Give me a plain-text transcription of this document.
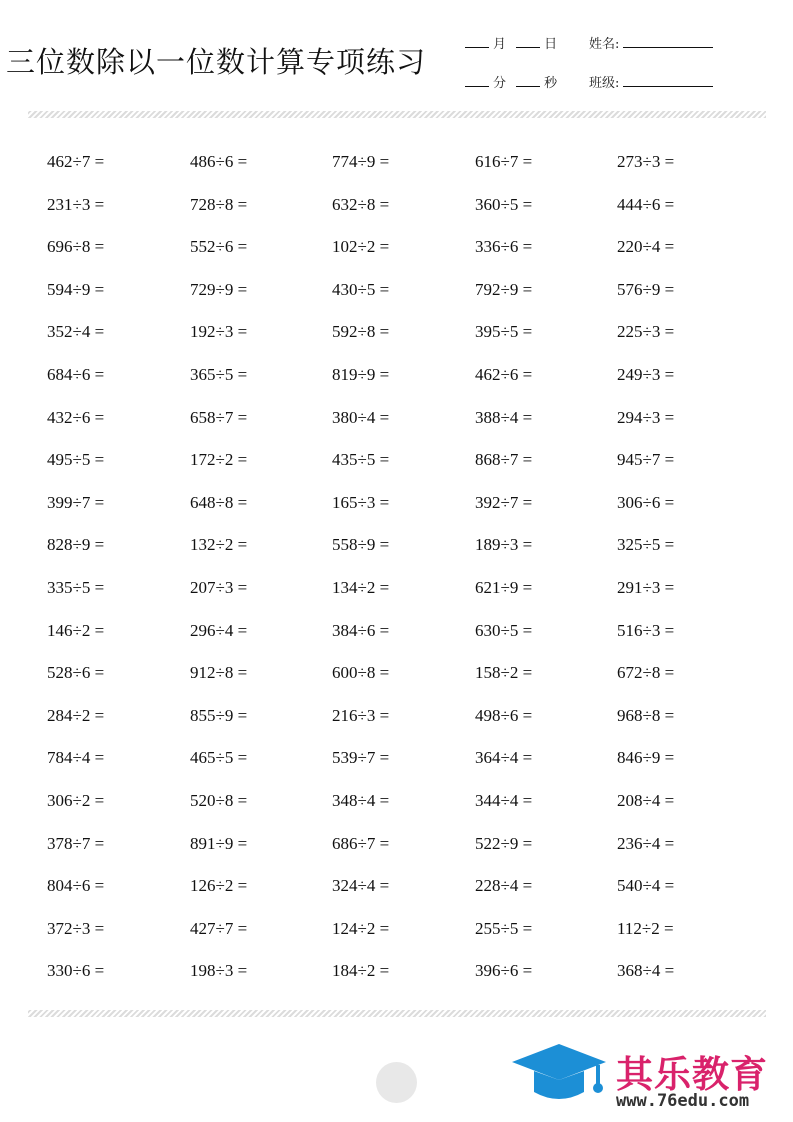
三位数除以一位数计算专项练习
月	日
分	秒
姓名:
班级:
462÷7 =	486÷6 =	774÷9 =	616÷7 =	273÷3 =
231÷3 =	728÷8 =	632÷8 =	360÷5 =	444÷6 =
696÷8 =	552÷6 =	102÷2 =	336÷6 =	220÷4 =
594÷9 =	729÷9 =	430÷5 =	792÷9 =	576÷9 =
352÷4 =	192÷3 =	592÷8 =	395÷5 =	225÷3 =
684÷6 =	365÷5 =	819÷9 =	462÷6 =	249÷3 =
432÷6 =	658÷7 =	380÷4 =	388÷4 =	294÷3 =
495÷5 =	172÷2 =	435÷5 =	868÷7 =	945÷7 =
399÷7 =	648÷8 =	165÷3 =	392÷7 =	306÷6 =
828÷9 =	132÷2 =	558÷9 =	189÷3 =	325÷5 =
335÷5 =	207÷3 =	134÷2 =	621÷9 =	291÷3 =
146÷2 =	296÷4 =	384÷6 =	630÷5 =	516÷3 =
528÷6 =	912÷8 =	600÷8 =	158÷2 =	672÷8 =
284÷2 =	855÷9 =	216÷3 =	498÷6 =	968÷8 =
784÷4 =	465÷5 =	539÷7 =	364÷4 =	846÷9 =
306÷2 =	520÷8 =	348÷4 =	344÷4 =	208÷4 =
378÷7 =	891÷9 =	686÷7 =	522÷9 =	236÷4 =
804÷6 =	126÷2 =	324÷4 =	228÷4 =	540÷4 =
372÷3 =	427÷7 =	124÷2 =	255÷5 =	112÷2 =
330÷6 =	198÷3 =	184÷2 =	396÷6 =	368÷4 =
其乐教育
www.76edu.com
